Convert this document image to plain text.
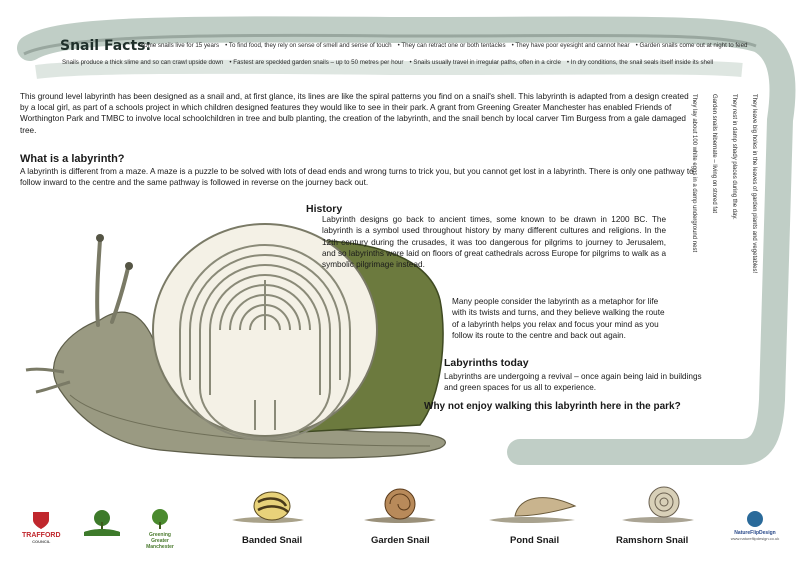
Snail Facts:
Some snails live for 15 years • To find food, they rely on sense of smell and sense of touch • They can retract one or both tentacles • They have poor eyesight and cannot hear • Garden snails come out at night to feed
Snails produce a thick slime and so can crawl upside down • Fastest are speckled garden snails – up to 50 metres per hour • Snails usually travel in irregular paths, often in a circle • In dry conditions, the snail seals itself inside its shell
They leave big holes in the leaves of garden plants and vegetables!
They rest in damp shady places during the day.
Garden snails hibernate – living on stored fat
They lay about 100 white eggs in a damp underground nest
This ground level labyrinth has been designed as a snail and, at first glance, its lines are like the spiral patterns you find on a snail's shell. This labyrinth is adapted from a design created by a local girl, as part of a schools project in which children designed features they would like to see in their park. A grant from Greening Greater Manchester has enabled Friends of Worthington Park and TMBC to involve local schoolchildren in tree and bulb planting, the creation of the labyrinth, and the snail bench by local carver Tim Burgess from a gale damaged tree.
What is a labyrinth?
A labyrinth is different from a maze. A maze is a puzzle to be solved with lots of dead ends and wrong turns to trick you, but you cannot get lost in a labyrinth. There is only one pathway to follow inward to the centre and the same pathway is followed in reverse on the journey back out.
History
Labyrinth designs go back to ancient times, some known to be drawn in 1200 BC. The labyrinth is a symbol used throughout history by many different cultures and religions. In the 12th century during the crusades, it was too dangerous for pilgrims to journey to Jerusalem, and so labyrinths were laid on floors of great cathedrals across Europe for pilgrims to walk as a symbolic pilgrimage instead.
Many people consider the labyrinth as a metaphor for life with its twists and turns, and they believe walking the route of a labyrinth helps you relax and focus your mind as you follow its route to the centre and back out again.
Labyrinths today
Labyrinths are undergoing a revival – once again being laid in buildings and green spaces for us all to experience.
Why not enjoy walking this labyrinth here in the park?

TRAFFORD
COUNCIL

Greening Greater Manchester
Banded Snail	Garden Snail	Pond Snail	Ramshorn Snail

NatureFlipDesign
www.natureflipdesign.co.uk
